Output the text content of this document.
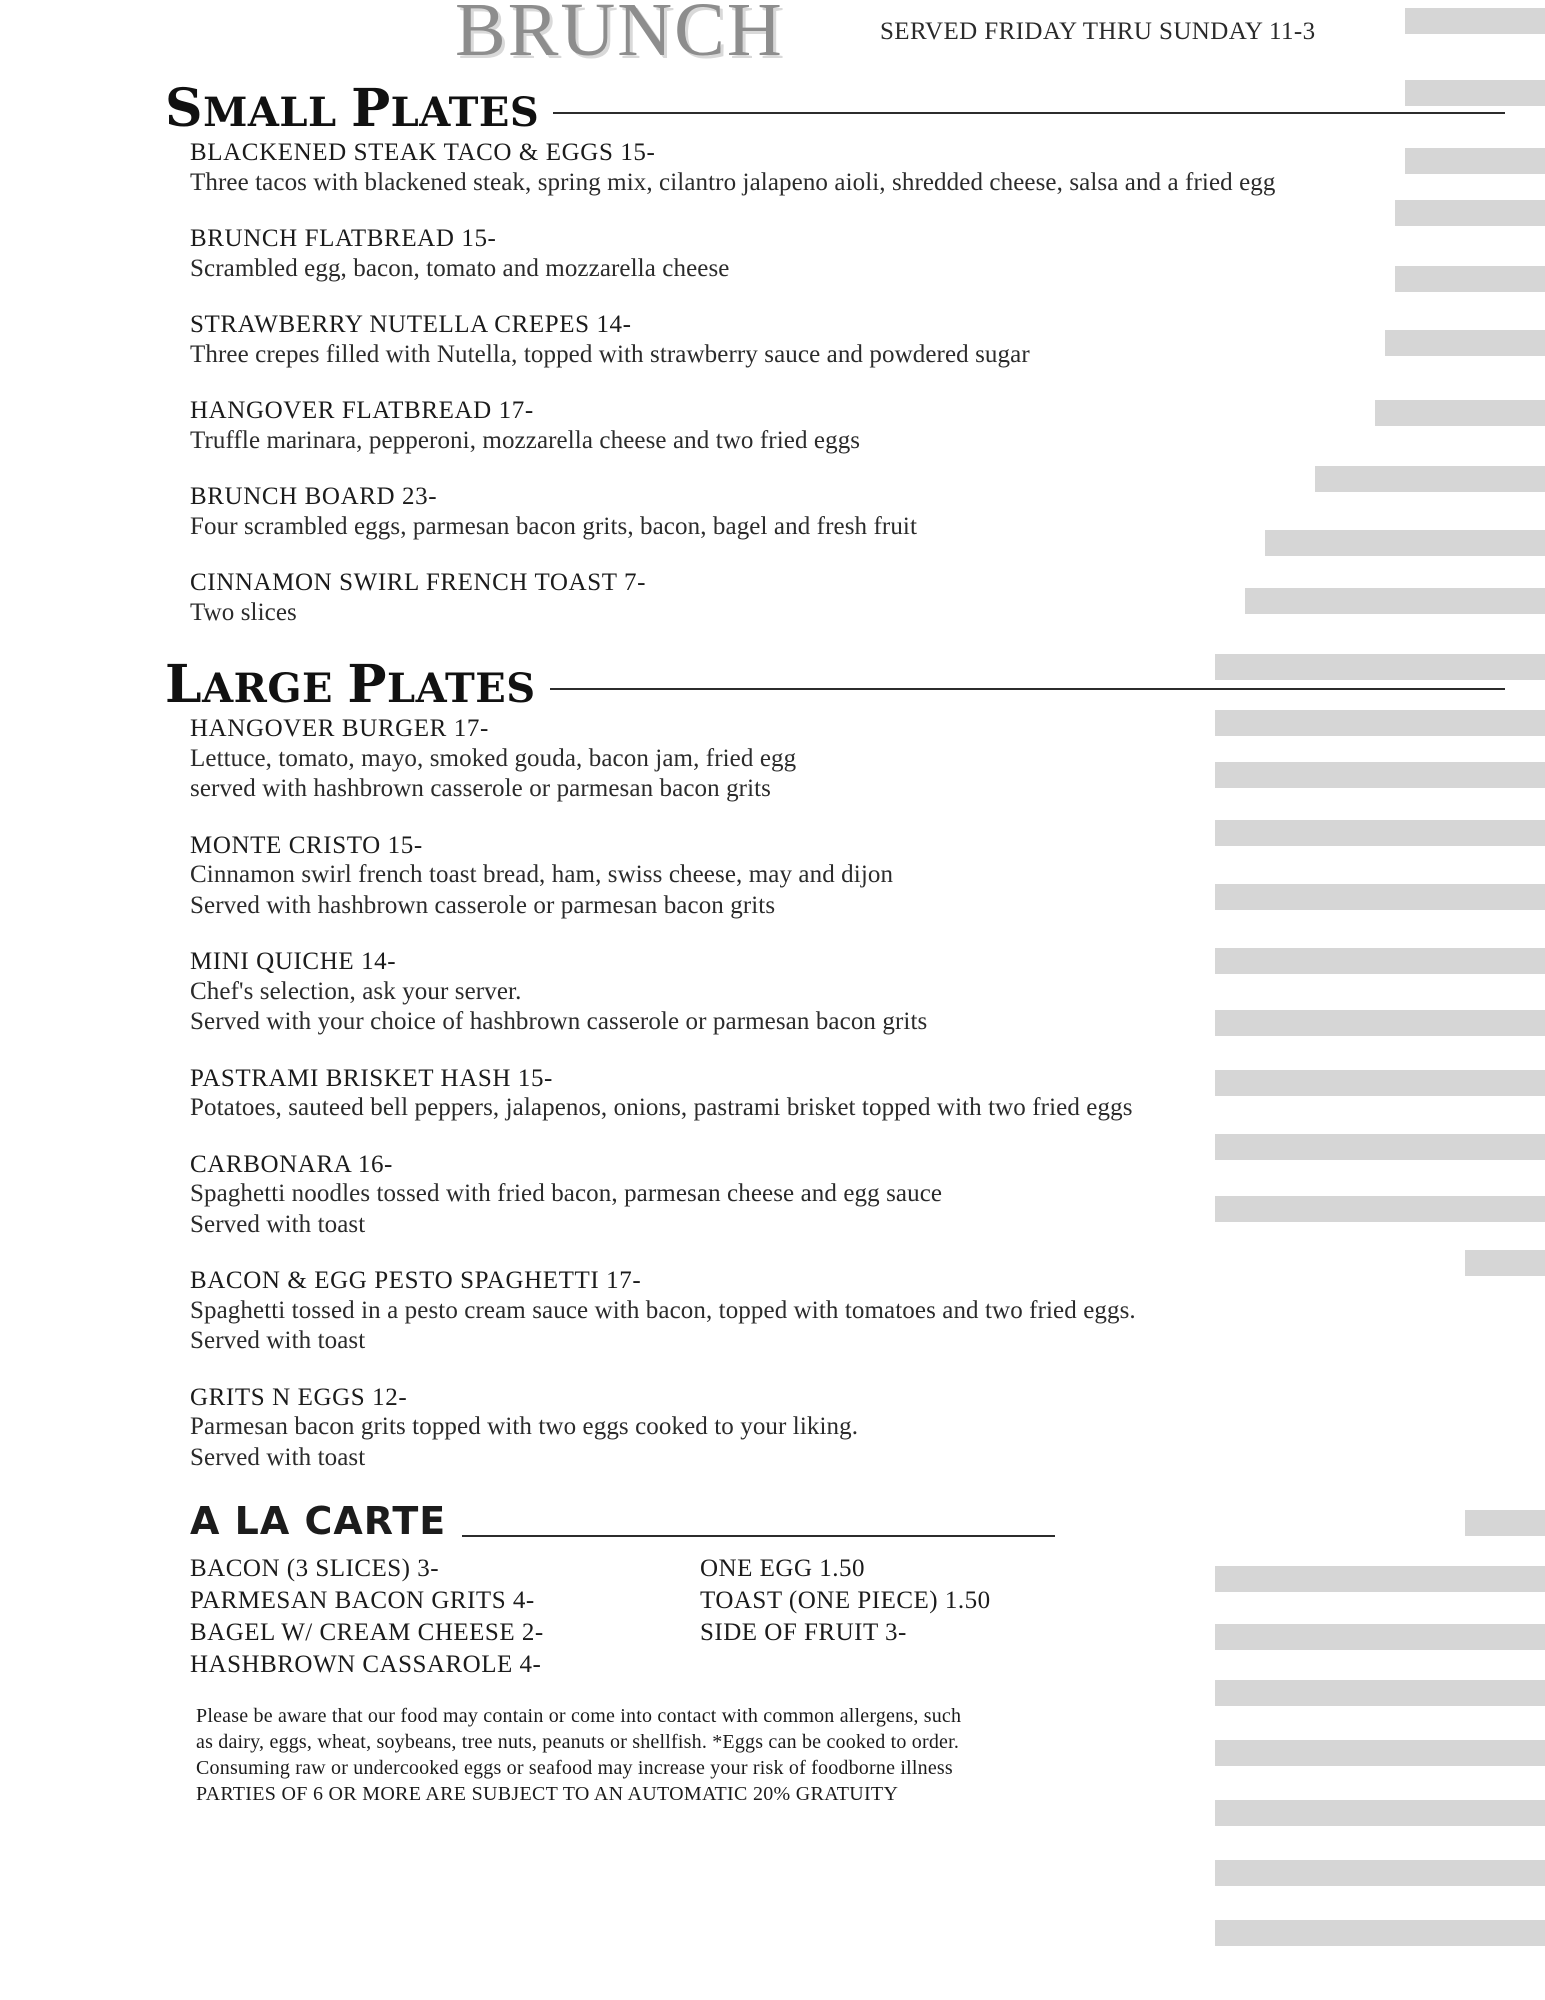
BRUNCH	SERVED FRIDAY THRU SUNDAY 11-3
SMALL PLATES
BLACKENED STEAK TACO & EGGS 15-
Three tacos with blackened steak, spring mix, cilantro jalapeno aioli, shredded cheese, salsa and a fried egg
BRUNCH FLATBREAD 15-
Scrambled egg, bacon, tomato and mozzarella cheese
STRAWBERRY NUTELLA CREPES 14-
Three crepes filled with Nutella, topped with strawberry sauce and powdered sugar
HANGOVER FLATBREAD 17-
Truffle marinara, pepperoni, mozzarella cheese and two fried eggs
BRUNCH BOARD 23-
Four scrambled eggs, parmesan bacon grits, bacon, bagel and fresh fruit
CINNAMON SWIRL FRENCH TOAST 7-
Two slices
LARGE PLATES
HANGOVER BURGER 17-
Lettuce, tomato, mayo, smoked gouda, bacon jam, fried egg
served with hashbrown casserole or parmesan bacon grits
MONTE CRISTO 15-
Cinnamon swirl french toast bread, ham, swiss cheese, may and dijon
Served with hashbrown casserole or parmesan bacon grits
MINI QUICHE 14-
Chef's selection, ask your server.
Served with your choice of hashbrown casserole or parmesan bacon grits
PASTRAMI BRISKET HASH 15-
Potatoes, sauteed bell peppers, jalapenos, onions, pastrami brisket topped with two fried eggs
CARBONARA 16-
Spaghetti noodles tossed with fried bacon, parmesan cheese and egg sauce
Served with toast
BACON & EGG PESTO SPAGHETTI 17-
Spaghetti tossed in a pesto cream sauce with bacon, topped with tomatoes and two fried eggs.
Served with toast
GRITS N EGGS 12-
Parmesan bacon grits topped with two eggs cooked to your liking.
Served with toast
A LA CARTE
BACON (3 SLICES) 3-
PARMESAN BACON GRITS 4-
BAGEL W/ CREAM CHEESE 2-
HASHBROWN CASSAROLE 4-
ONE EGG 1.50
TOAST (ONE PIECE) 1.50
SIDE OF FRUIT 3-
Please be aware that our food may contain or come into contact with common allergens, such
as dairy, eggs, wheat, soybeans, tree nuts, peanuts or shellfish. *Eggs can be cooked to order.
Consuming raw or undercooked eggs or seafood may increase your risk of foodborne illness
PARTIES OF 6 OR MORE ARE SUBJECT TO AN AUTOMATIC 20% GRATUITY
